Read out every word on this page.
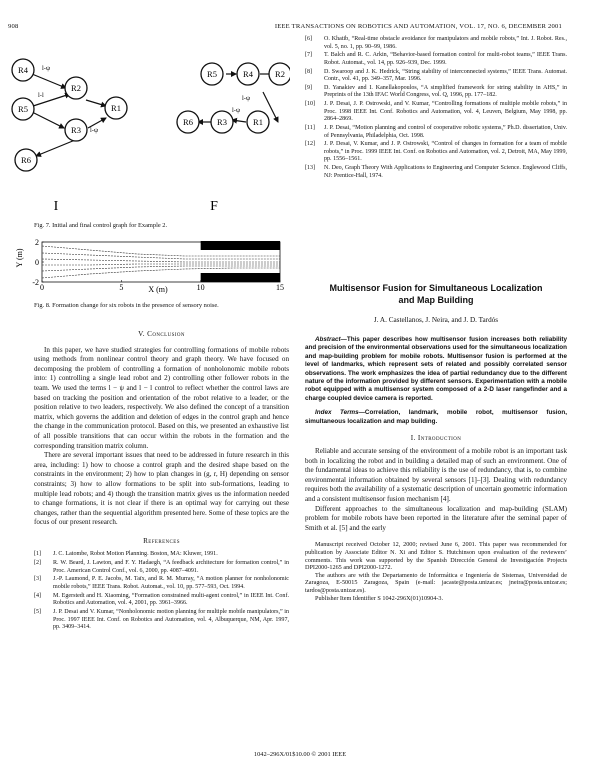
908	IEEE TRANSACTIONS ON ROBOTICS AND AUTOMATION, VOL. 17, NO. 6, DECEMBER 2001
R4
R2
R5	R1
R3
R6
R5	R4	R2
R6	R3	R1
l-ψ
l-l
l-ψ
l-ψ
l-ψ
I	F
Fig. 7. Initial and final control graph for Example 2.
Y (m)
X (m)
0	5	10	15
2
0
-2
Fig. 8. Formation change for six robots in the presence of sensory noise.
V. Conclusion

In this paper, we have studied strategies for controlling formations of mobile robots using methods from nonlinear control theory and graph theory. We have focused on decomposing the problem of controlling a formation of nonholonomic mobile robots into: 1) controlling a single lead robot and 2) controlling other follower robots in the team. We used the terms l − ψ and l − l control to reflect whether the control laws are based on tracking the position and orientation of the robot relative to a leader, or the position relative to two leaders, respectively. We also defined the concept of a transition matrix, which governs the addition and deletion of edges in the control graph and hence the change in the communication protocol. Based on this, we presented an exhaustive list of all possible transitions that can occur within the robots in the formation and the corresponding transition matrix column.

There are several important issues that need to be addressed in future research in this area, including: 1) how to choose a control graph and the desired shape based on the constraints in the environment; 2) how to plan changes in (g, r, H) depending on sensor constraints; 3) how to allow formations to be split into sub-formations, leading to multiple lead robots; and 4) though the transition matrix gives us the information needed to change formations, it is not clear if there is an optimal way for carrying out these changes, rather than the sequential algorithm presented here. Some of these topics are the focus of our present research.

References
[1]	J. C. Latombe, Robot Motion Planning. Boston, MA: Kluwer, 1991.
[2]	R. W. Beard, J. Lawton, and F. Y. Hadaegh, “A feedback architecture for formation control,” in Proc. American Control Conf., vol. 6, 2000, pp. 4087–4091.
[3]	J.-P. Laumond, P. E. Jacobs, M. Taïx, and R. M. Murray, “A motion planner for nonholonomic mobile robots,” IEEE Trans. Robot. Automat., vol. 10, pp. 577–593, Oct. 1994.
[4]	M. Egerstedt and H. Xiaoming, “Formation constrained multi-agent control,” in IEEE Int. Conf. Robotics and Automation, vol. 4, 2001, pp. 3961–3966.
[5]	J. P. Desai and V. Kumar, “Nonholonomic motion planning for multiple mobile manipulators,” in Proc. 1997 IEEE Int. Conf. on Robotics and Automation, vol. 4, Albuquerque, NM, Apr. 1997, pp. 3409–3414.
[6]	O. Khatib, “Real-time obstacle avoidance for manipulators and mobile robots,” Int. J. Robot. Res., vol. 5, no. 1, pp. 90–99, 1986.
[7]	T. Balch and R. C. Arkin, “Behavior-based formation control for multi-robot teams,” IEEE Trans. Robot. Automat., vol. 14, pp. 926–939, Dec. 1999.
[8]	D. Swaroop and J. K. Hedrick, “String stability of interconnected systems,” IEEE Trans. Automat. Contr., vol. 41, pp. 349–357, Mar. 1996.
[9]	D. Yanakiev and I. Kanellakopoulos, “A simplified framework for string stability in AHS,” in Preprints of the 13th IFAC World Congress, vol. Q, 1996, pp. 177–182.
[10]	J. P. Desai, J. P. Ostrowski, and V. Kumar, “Controlling formations of multiple mobile robots,” in Proc. 1998 IEEE Int. Conf. Robotics and Automation, vol. 4, Leuven, Belgium, May 1998, pp. 2864–2869.
[11]	J. P. Desai, “Motion planning and control of cooperative robotic systems,” Ph.D. dissertation, Univ. of Pennsylvania, Philadelphia, Oct. 1998.
[12]	J. P. Desai, V. Kumar, and J. P. Ostrowski, “Control of changes in formation for a team of mobile robots,” in Proc. 1999 IEEE Int. Conf. on Robotics and Automation, vol. 2, Detroit, MA, May 1999, pp. 1556–1561.
[13]	N. Deo, Graph Theory With Applications to Engineering and Computer Science. Englewood Cliffs, NJ: Prentice-Hall, 1974.
Multisensor Fusion for Simultaneous Localization and Map Building
J. A. Castellanos, J. Neira, and J. D. Tardós
Abstract—This paper describes how multisensor fusion increases both reliability and precision of the environmental observations used for the simultaneous localization and map-building problem for mobile robots. Multisensor fusion is performed at the level of landmarks, which represent sets of related and possibly correlated sensor observations. The work emphasizes the idea of partial redundancy due to the different nature of the information provided by different sensors. Experimentation with a mobile robot equipped with a multisensor system composed of a 2-D laser rangefinder and a charge coupled device camera is reported.
Index Terms—Correlation, landmark, mobile robot, multisensor fusion, simultaneous localization and map building.
I. Introduction

Reliable and accurate sensing of the environment of a mobile robot is an important task both in localizing the robot and in building a detailed map of such an environment. One of the fundamental ideas to achieve this reliability is the use of redundancy, that is, to combine environmental information obtained by several sensors [1]–[3]. Dealing with redundancy requires both the availability of a systematic description of uncertain geometric information and a consistent multisensor fusion mechanism [4].

Different approaches to the simultaneous localization and map-building (SLAM) problem for mobile robots have been reported in the literature after the seminal paper of Smith et al. [5] and the early

Manuscript received October 12, 2000; revised June 6, 2001. This paper was recommended for publication by Associate Editor N. Xi and Editor S. Hutchinson upon evaluation of the reviewers’ comments. This work was supported by the Spanish Dirección General de Investigación Projects DPI2000-1265 and DPI2000-1272.

The authors are with the Departamento de Informática e Ingeniería de Sistemas, Universidad de Zaragoza, E-50015 Zaragoza, Spain (e-mail: jacaste@posta.unizar.es; jneira@posta.unizar.es; tardos@posta.unizar.es).

Publisher Item Identifier S 1042-296X(01)10904-3.

1042–296X/01$10.00 © 2001 IEEE
